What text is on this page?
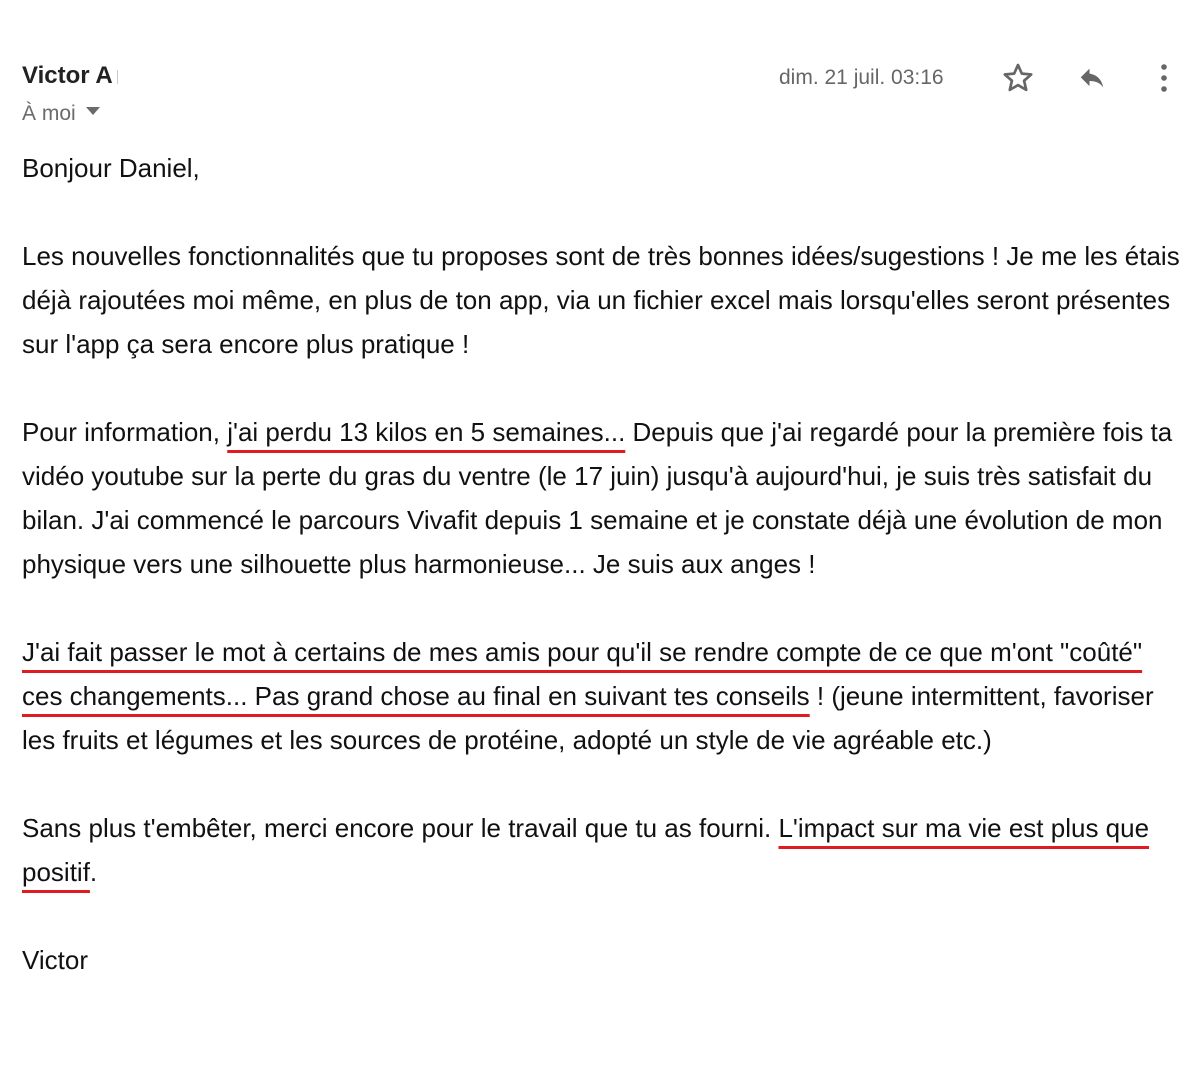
Victor A
À moi
dim. 21 juil. 03:16

Bonjour Daniel,

Les nouvelles fonctionnalités que tu proposes sont de très bonnes idées/sugestions ! Je me les étais déjà rajoutées moi même, en plus de ton app, via un fichier excel mais lorsqu'elles seront présentes sur l'app ça sera encore plus pratique !

Pour information, j'ai perdu 13 kilos en 5 semaines... Depuis que j'ai regardé pour la première fois ta vidéo youtube sur la perte du gras du ventre (le 17 juin) jusqu'à aujourd'hui, je suis très satisfait du bilan. J'ai commencé le parcours Vivafit depuis 1 semaine et je constate déjà une évolution de mon physique vers une silhouette plus harmonieuse... Je suis aux anges !

J'ai fait passer le mot à certains de mes amis pour qu'il se rendre compte de ce que m'ont "coûté" ces changements... Pas grand chose au final en suivant tes conseils ! (jeune intermittent, favoriser les fruits et légumes et les sources de protéine, adopté un style de vie agréable etc.)

Sans plus t'embêter, merci encore pour le travail que tu as fourni. L'impact sur ma vie est plus que positif.

Victor
